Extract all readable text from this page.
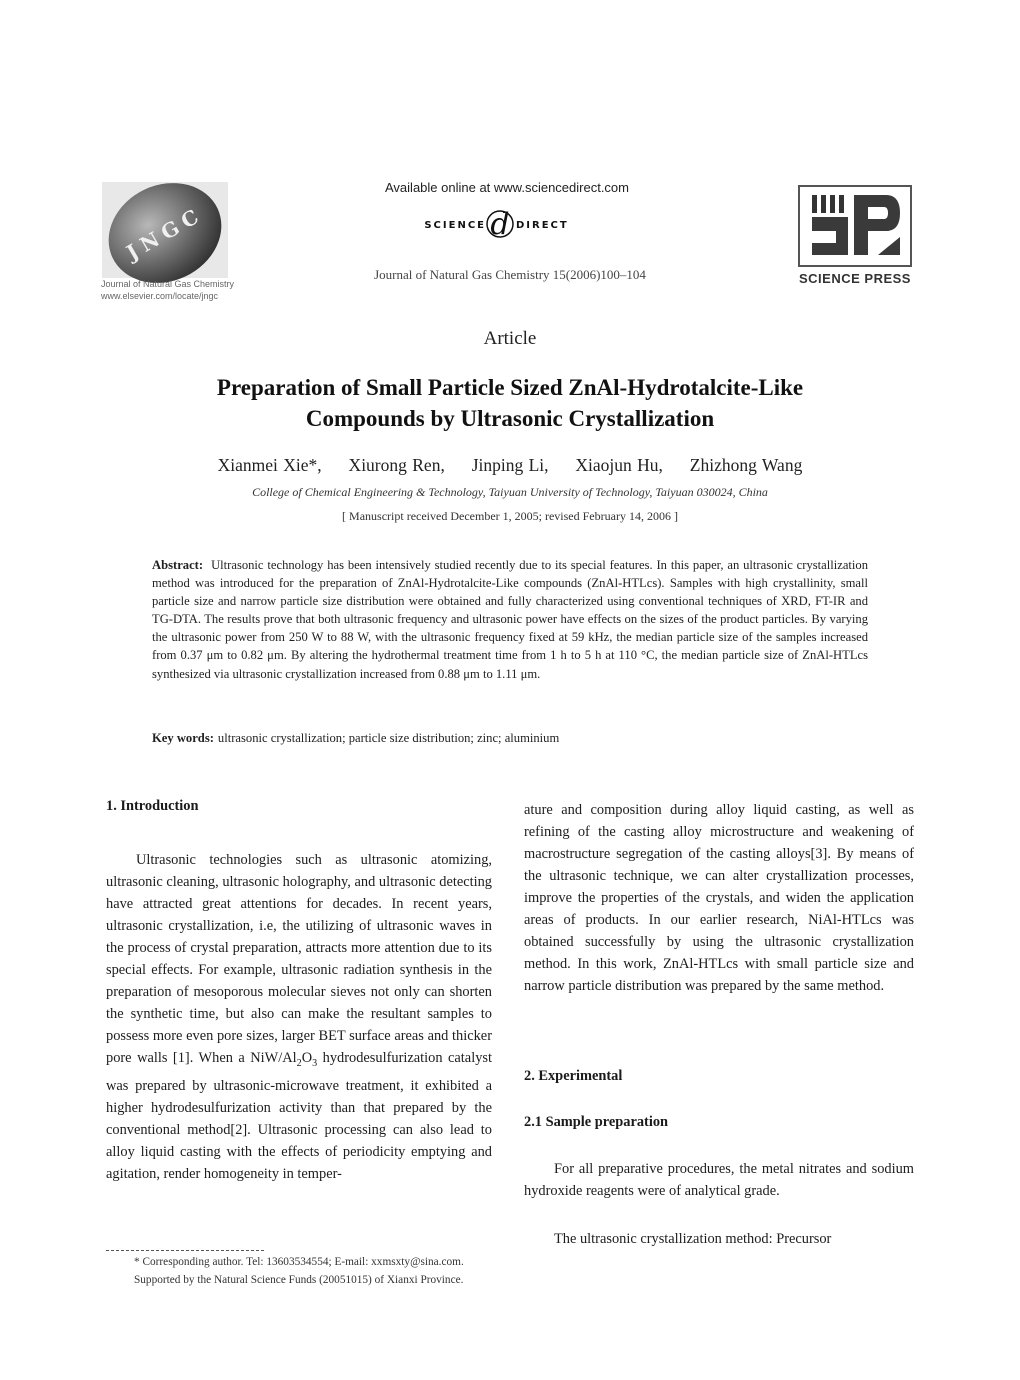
JNGC
Journal of Natural Gas Chemistry
www.elsevier.com/locate/jngc
Available online at www.sciencedirect.com
SCIENCE d DIRECT
Journal of Natural Gas Chemistry 15(2006)100–104	SCIENCE PRESS
Article
Preparation of Small Particle Sized ZnAl-Hydrotalcite-Like
Compounds by Ultrasonic Crystallization
Xianmei Xie*,     Xiurong Ren,     Jinping Li,     Xiaojun Hu,     Zhizhong Wang
College of Chemical Engineering & Technology, Taiyuan University of Technology, Taiyuan 030024, China
[ Manuscript received December 1, 2005; revised February 14, 2006 ]
Abstract: Ultrasonic technology has been intensively studied recently due to its special features. In this paper, an ultrasonic crystallization method was introduced for the preparation of ZnAl-Hydrotalcite-Like compounds (ZnAl-HTLcs). Samples with high crystallinity, small particle size and narrow particle size distribution were obtained and fully characterized using conventional techniques of XRD, FT-IR and TG-DTA. The results prove that both ultrasonic frequency and ultrasonic power have effects on the sizes of the product particles. By varying the ultrasonic power from 250 W to 88 W, with the ultrasonic frequency fixed at 59 kHz, the median particle size of the samples increased from 0.37 μm to 0.82 μm. By altering the hydrothermal treatment time from 1 h to 5 h at 110 °C, the median particle size of ZnAl-HTLcs synthesized via ultrasonic crystallization increased from 0.88 μm to 1.11 μm.
Key words: ultrasonic crystallization; particle size distribution; zinc; aluminium
1. Introduction
Ultrasonic technologies such as ultrasonic atomizing, ultrasonic cleaning, ultrasonic holography, and ultrasonic detecting have attracted great attentions for decades. In recent years, ultrasonic crystallization, i.e, the utilizing of ultrasonic waves in the process of crystal preparation, attracts more attention due to its special effects. For example, ultrasonic radiation synthesis in the preparation of mesoporous molecular sieves not only can shorten the synthetic time, but also can make the resultant samples to possess more even pore sizes, larger BET surface areas and thicker pore walls [1]. When a NiW/$Al_2O_3$ hydrodesulfurization catalyst was prepared by ultrasonic-microwave treatment, it exhibited a higher hydrodesulfurization activity than that prepared by the conventional method[2]. Ultrasonic processing can also lead to alloy liquid casting with the effects of periodicity emptying and agitation, render homogeneity in temper-
ature and composition during alloy liquid casting, as well as refining of the casting alloy microstructure and weakening of macrostructure segregation of the casting alloys[3]. By means of the ultrasonic technique, we can alter crystallization processes, improve the properties of the crystals, and widen the application areas of products. In our earlier research, NiAl-HTLcs was obtained successfully by using the ultrasonic crystallization method. In this work, ZnAl-HTLcs with small particle size and narrow particle distribution was prepared by the same method.
2. Experimental
2.1 Sample preparation
For all preparative procedures, the metal nitrates and sodium hydroxide reagents were of analytical grade.
The ultrasonic crystallization method: Precursor
* Corresponding author. Tel: 13603534554; E-mail: xxmsxty@sina.com.
Supported by the Natural Science Funds (20051015) of Xianxi Province.
